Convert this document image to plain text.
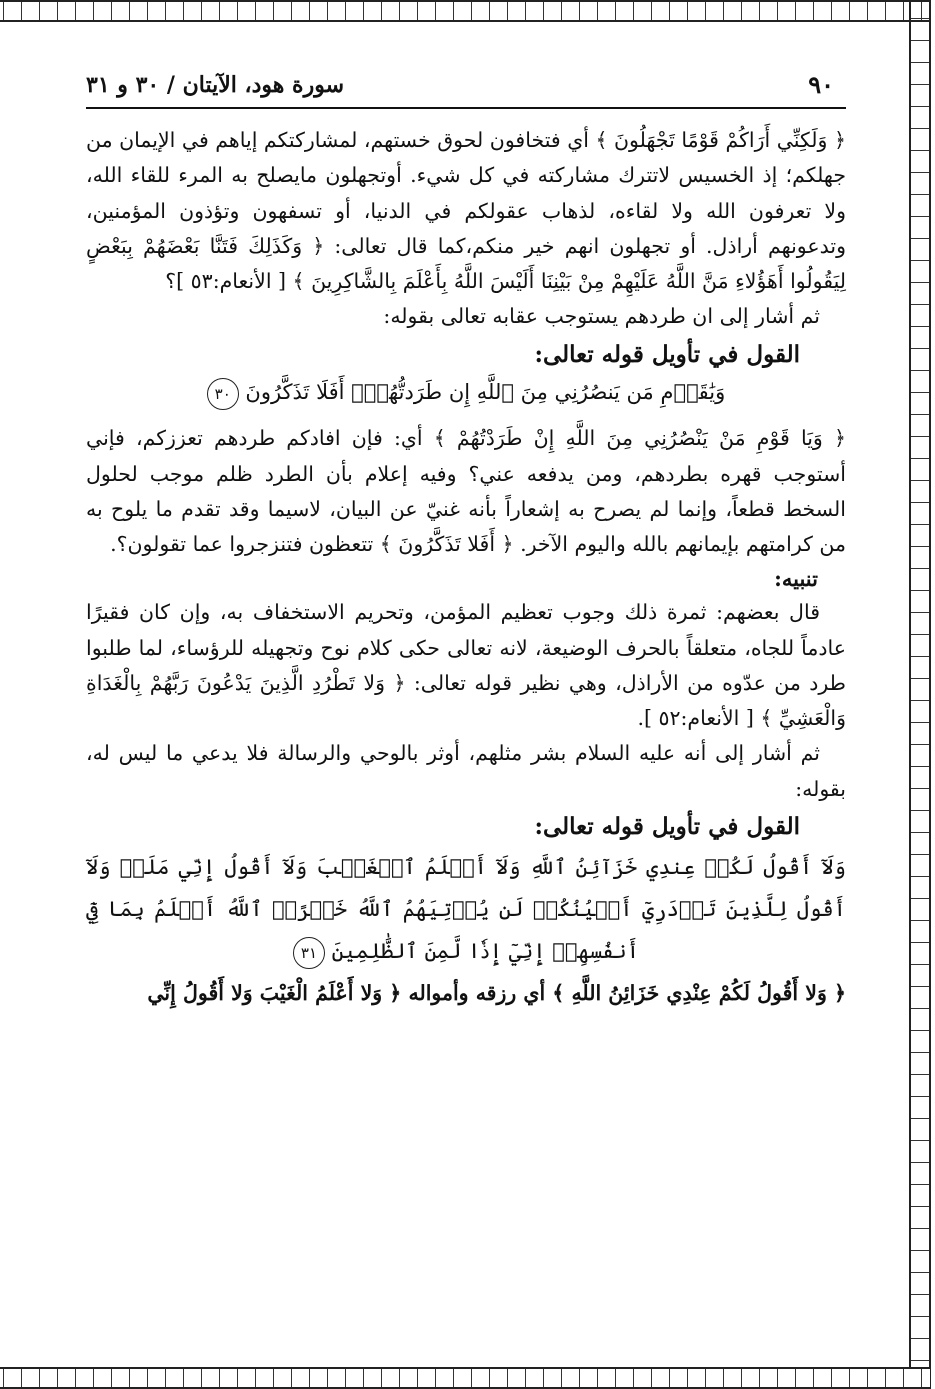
٩٠
سورة هود، الآيتان / ٣٠ و ٣١

﴿ وَلَكِنِّي أَرَاكُمْ قَوْمًا تَجْهَلُونَ ﴾ أي فتخافون لحوق خستهم، لمشاركتكم إياهم في الإيمان من جهلكم؛ إذ الخسيس لاتترك مشاركته في كل شيء. أوتجهلون مايصلح به المرء للقاء الله، ولا تعرفون الله ولا لقاءه، لذهاب عقولكم في الدنيا، أو تسفهون وتؤذون المؤمنين، وتدعونهم أراذل. أو تجهلون انهم خير منكم،كما قال تعالى: ﴿ وَكَذَلِكَ فَتَنَّا بَعْضَهُمْ بِبَعْضٍ لِيَقُولُوا أَهَؤُلاءِ مَنَّ اللَّهُ عَلَيْهِمْ مِنْ بَيْنِنَا أَلَيْسَ اللَّهُ بِأَعْلَمَ بِالشَّاكِرِينَ ﴾ [ الأنعام:٥٣ ]؟

ثم أشار إلى ان طردهم يستوجب عقابه تعالى بقوله:

القول في تأويل قوله تعالى:
وَيَٰقَوۡمِ مَن يَنصُرُنِي مِنَ ٱللَّهِ إِن طَرَدتُّهُمۡۚ أَفَلَا تَذَكَّرُونَ ٣٠

﴿ وَيَا قَوْمِ مَنْ يَنْصُرُنِي مِنَ اللَّهِ إِنْ طَرَدْتُهُمْ ﴾ أي: فإن افادكم طردهم تعززكم، فإني أستوجب قهره بطردهم، ومن يدفعه عني؟ وفيه إعلام بأن الطرد ظلم موجب لحلول السخط قطعاً، وإنما لم يصرح به إشعاراً بأنه غنيّ عن البيان، لاسيما وقد تقدم ما يلوح به من كرامتهم بإيمانهم بالله واليوم الآخر. ﴿ أَفَلا تَذَكَّرُونَ ﴾ تتعظون فتنزجروا عما تقولون؟.

تنبيه:

قال بعضهم: ثمرة ذلك وجوب تعظيم المؤمن، وتحريم الاستخفاف به، وإن كان فقيرًا عادماً للجاه، متعلقاً بالحرف الوضيعة، لانه تعالى حكى كلام نوح وتجهيله للرؤساء، لما طلبوا طرد من عدّوه من الأراذل، وهي نظير قوله تعالى: ﴿ وَلا تَطْرُدِ الَّذِينَ يَدْعُونَ رَبَّهُمْ بِالْغَدَاةِ وَالْعَشِيِّ ﴾ [ الأنعام:٥٢ ].

ثم أشار إلى أنه عليه السلام بشر مثلهم، أوثر بالوحي والرسالة فلا يدعي ما ليس له، بقوله:

القول في تأويل قوله تعالى:
وَلَآ أَقُولُ لَكُمۡ عِندِي خَزَآئِنُ ٱللَّهِ وَلَآ أَعۡلَمُ ٱلۡغَيۡبَ وَلَآ أَقُولُ إِنِّي مَلَكٞ وَلَآ أَقُولُ لِلَّذِينَ تَزۡدَرِيٓ أَعۡيُنُكُمۡ لَن يُؤۡتِيَهُمُ ٱللَّهُ خَيۡرًاۖ ٱللَّهُ أَعۡلَمُ بِمَا فِيٓ أَنفُسِهِمۡ إِنِّيٓ إِذٗا لَّمِنَ ٱلظَّٰلِمِينَ ٣١

﴿ وَلا أَقُولُ لَكُمْ عِنْدِي خَزَائِنُ اللَّهِ ﴾ أي رزقه وأمواله ﴿ وَلا أَعْلَمُ الْغَيْبَ وَلا أَقُولُ إِنِّي
